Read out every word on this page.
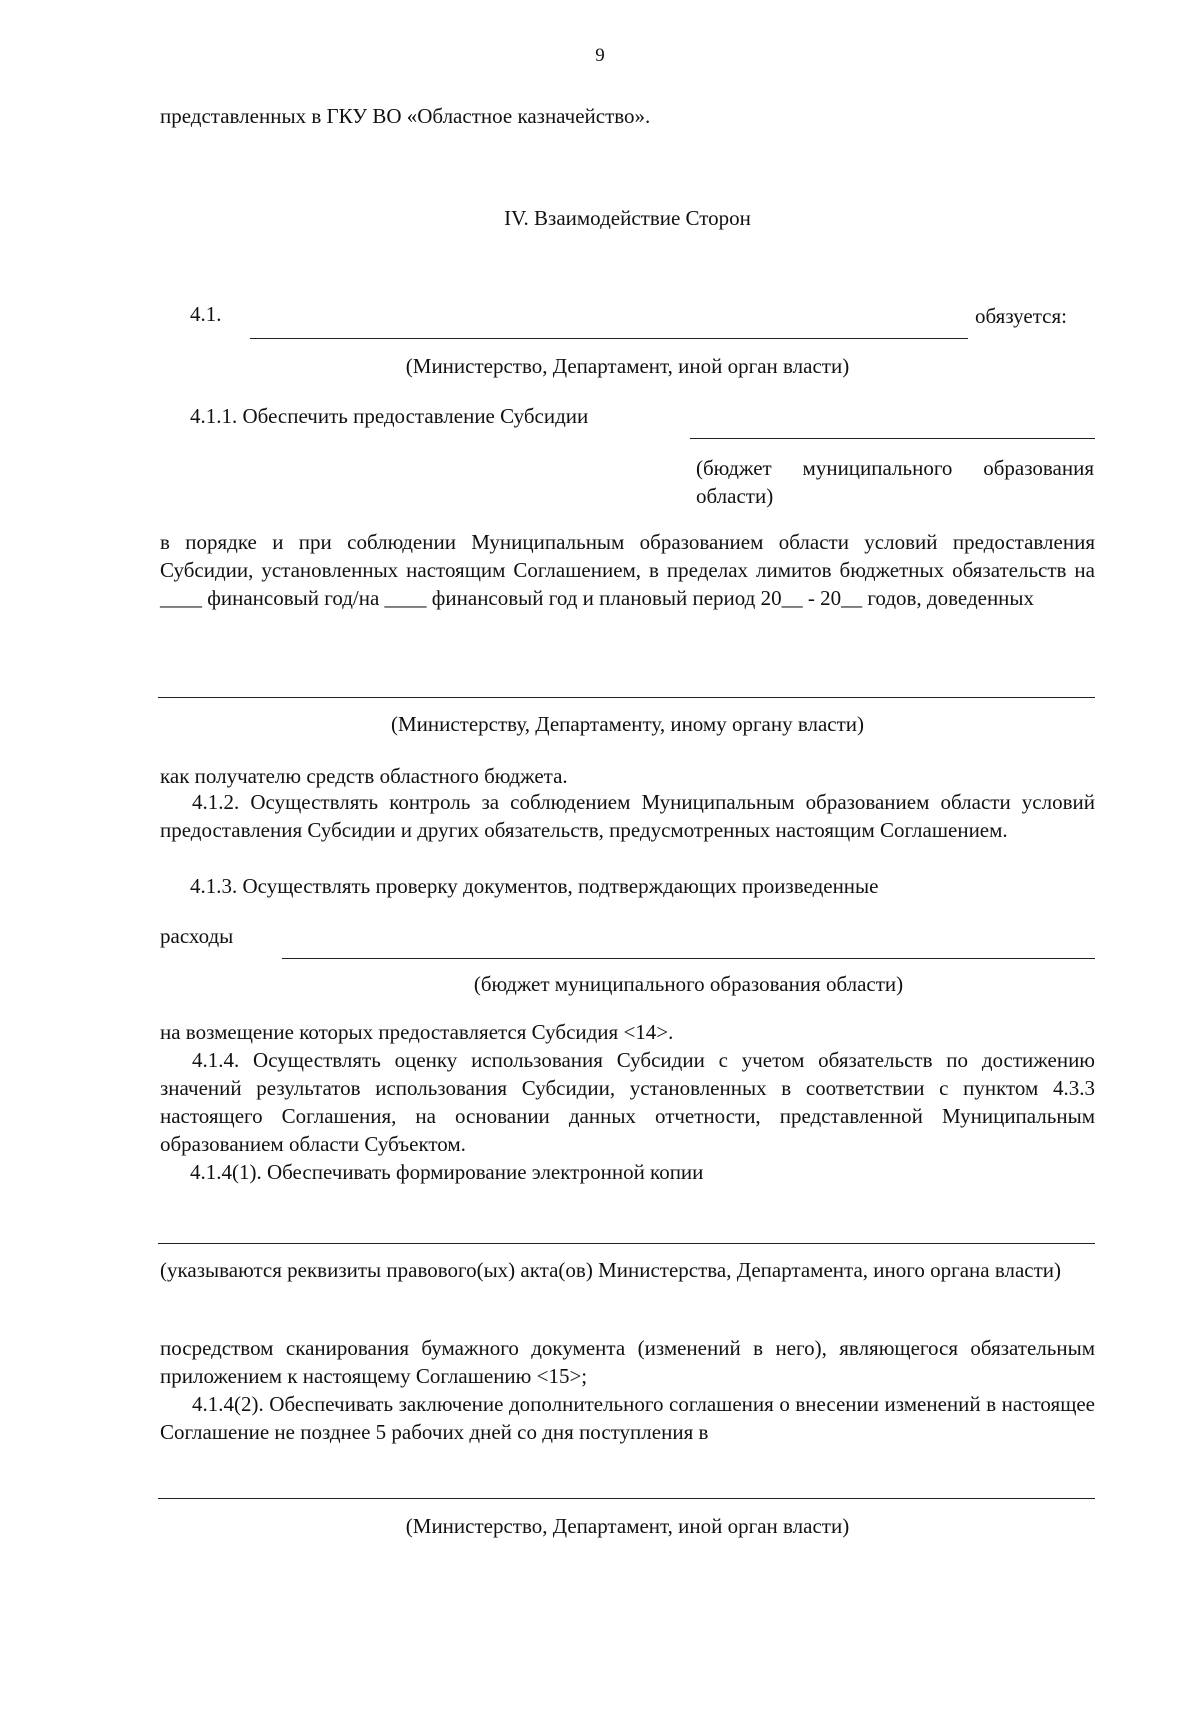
9
представленных в ГКУ ВО «Областное казначейство».
IV. Взаимодействие Сторон
4.1.	обязуется:
(Министерство, Департамент, иной орган власти)
4.1.1. Обеспечить предоставление Субсидии
(бюджет муниципального образования области)
в порядке и при соблюдении Муниципальным образованием области условий предоставления Субсидии, установленных настоящим Соглашением, в пределах лимитов бюджетных обязательств на ____ финансовый год/на ____ финансовый год и плановый период 20__ - 20__ годов, доведенных
(Министерству, Департаменту, иному органу власти)
как получателю средств областного бюджета.
4.1.2. Осуществлять контроль за соблюдением Муниципальным образованием области условий предоставления Субсидии и других обязательств, предусмотренных настоящим Соглашением.
4.1.3. Осуществлять проверку документов, подтверждающих произведенные
расходы
(бюджет муниципального образования области)
на возмещение которых предоставляется Субсидия <14>.
4.1.4. Осуществлять оценку использования Субсидии с учетом обязательств по достижению значений результатов использования Субсидии, установленных в соответствии с пунктом 4.3.3 настоящего Соглашения, на основании данных отчетности, представленной Муниципальным образованием области Субъектом.
4.1.4(1). Обеспечивать формирование электронной копии
(указываются реквизиты правового(ых) акта(ов) Министерства, Департамента, иного органа власти)
посредством сканирования бумажного документа (изменений в него), являющегося обязательным приложением к настоящему Соглашению <15>;
4.1.4(2). Обеспечивать заключение дополнительного соглашения о внесении изменений в настоящее Соглашение не позднее 5 рабочих дней со дня поступления в
(Министерство, Департамент, иной орган власти)
